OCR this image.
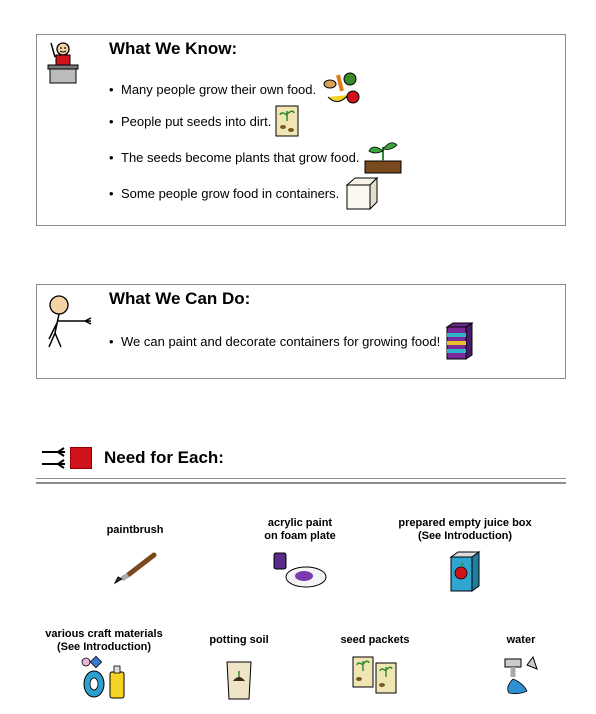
What We Know:
• Many people grow their own food.
• People put seeds into dirt.
• The seeds become plants that grow food.
• Some people grow food in containers.
What We Can Do:
• We can paint and decorate containers for growing food!
Need for Each:
paintbrush
acrylic paint
on foam plate
prepared empty juice box
(See Introduction)
various craft materials
(See Introduction)
potting soil	seed packets	water
